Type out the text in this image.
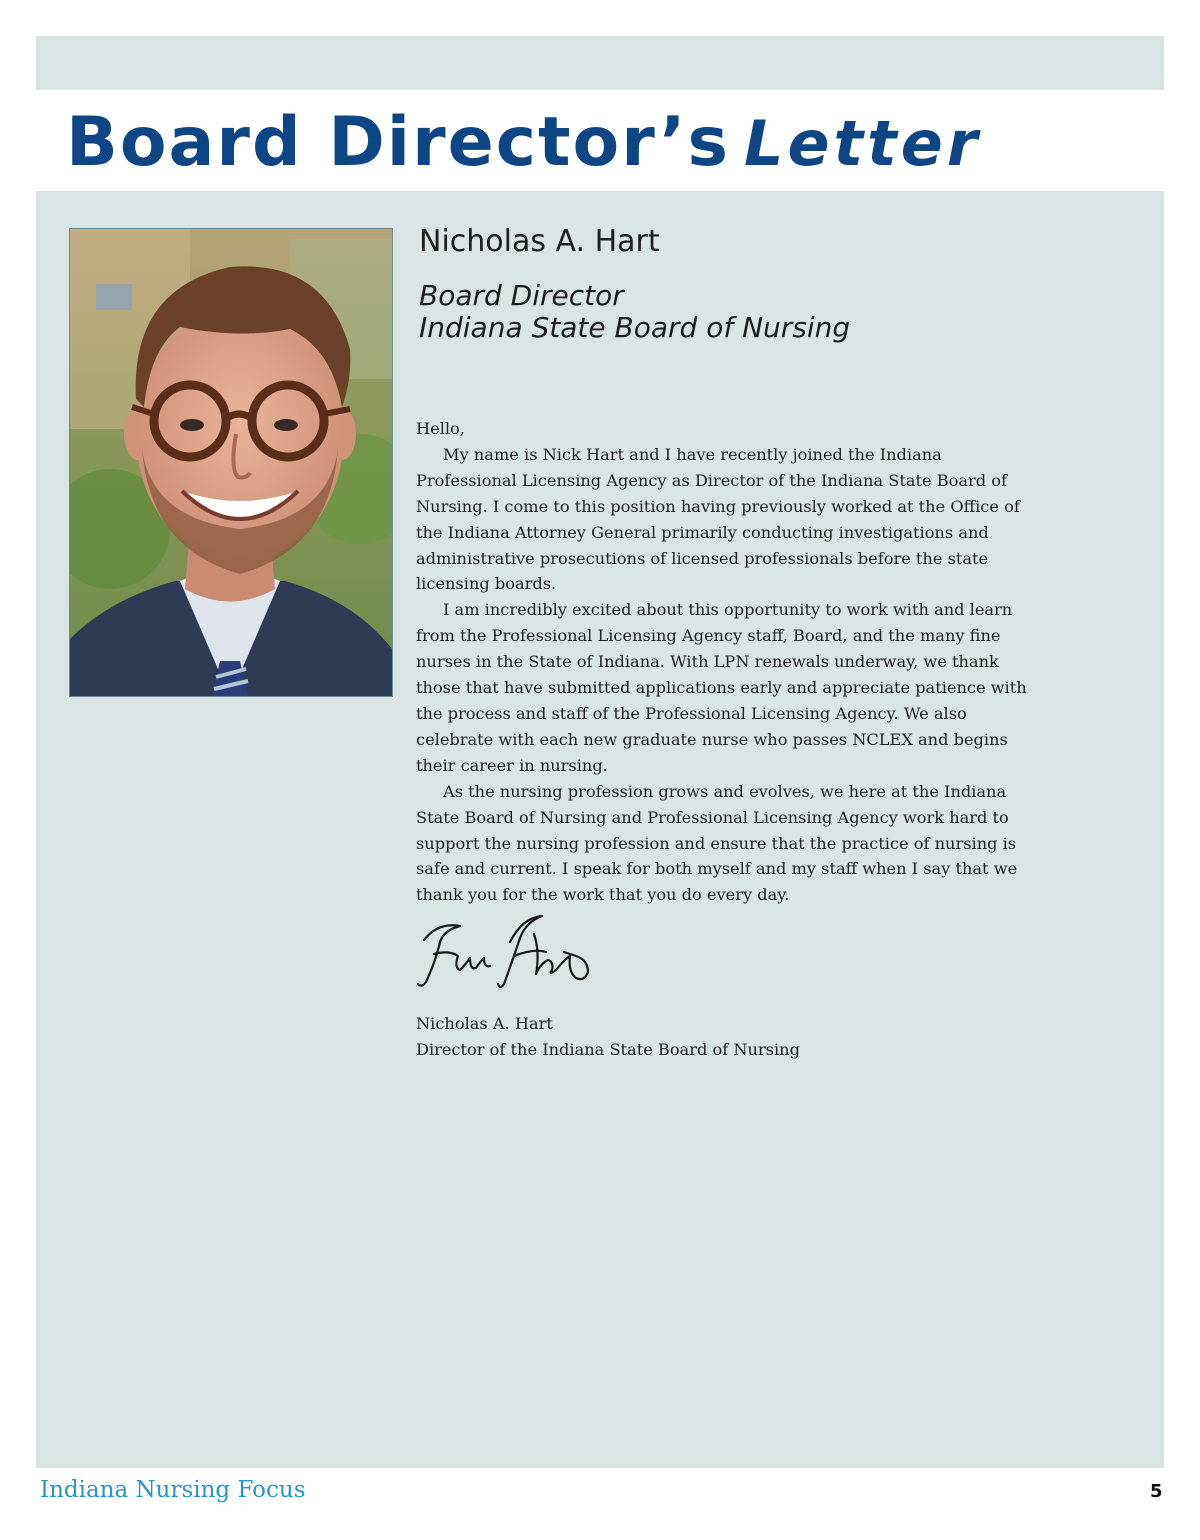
Board Director’s Letter
Nicholas A. Hart
Board Director
Indiana State Board of Nursing

Hello,

My name is Nick Hart and I have recently joined the Indiana Professional Licensing Agency as Director of the Indiana State Board of Nursing. I come to this position having previously worked at the Office of the Indiana Attorney General primarily conducting investigations and administrative prosecutions of licensed professionals before the state licensing boards.

I am incredibly excited about this opportunity to work with and learn from the Professional Licensing Agency staff, Board, and the many fine nurses in the State of Indiana. With LPN renewals underway, we thank those that have submitted applications early and appreciate patience with the process and staff of the Professional Licensing Agency. We also celebrate with each new graduate nurse who passes NCLEX and begins their career in nursing.

As the nursing profession grows and evolves, we here at the Indiana State Board of Nursing and Professional Licensing Agency work hard to support the nursing profession and ensure that the practice of nursing is safe and current. I speak for both myself and my staff when I say that we thank you for the work that you do every day.

Nicholas A. Hart
Director of the Indiana State Board of Nursing
Indiana Nursing Focus	5
